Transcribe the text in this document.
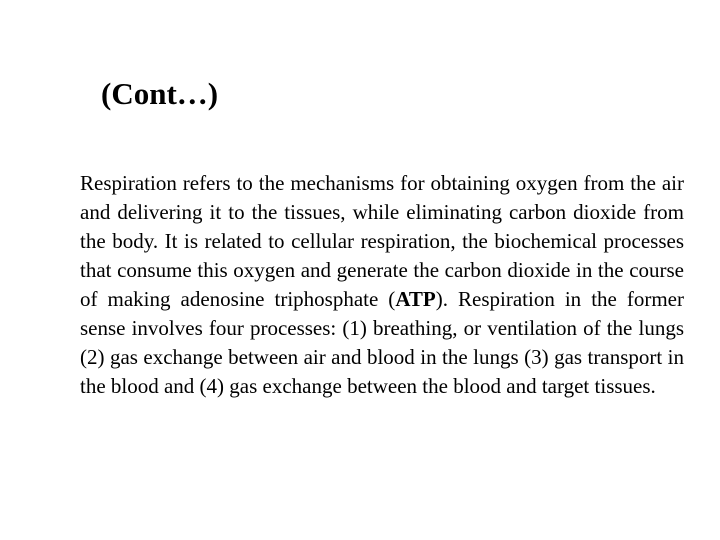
(Cont…)

Respiration refers to the mechanisms for obtaining oxygen from the air and delivering it to the tissues, while eliminating carbon dioxide from the body. It is related to cellular respiration, the biochemical processes that consume this oxygen and generate the carbon dioxide in the course of making adenosine triphosphate (ATP). Respiration in the former sense involves four processes: (1) breathing, or ventilation of the lungs (2) gas exchange between air and blood in the lungs (3) gas transport in the blood and (4) gas exchange between the blood and target tissues.
